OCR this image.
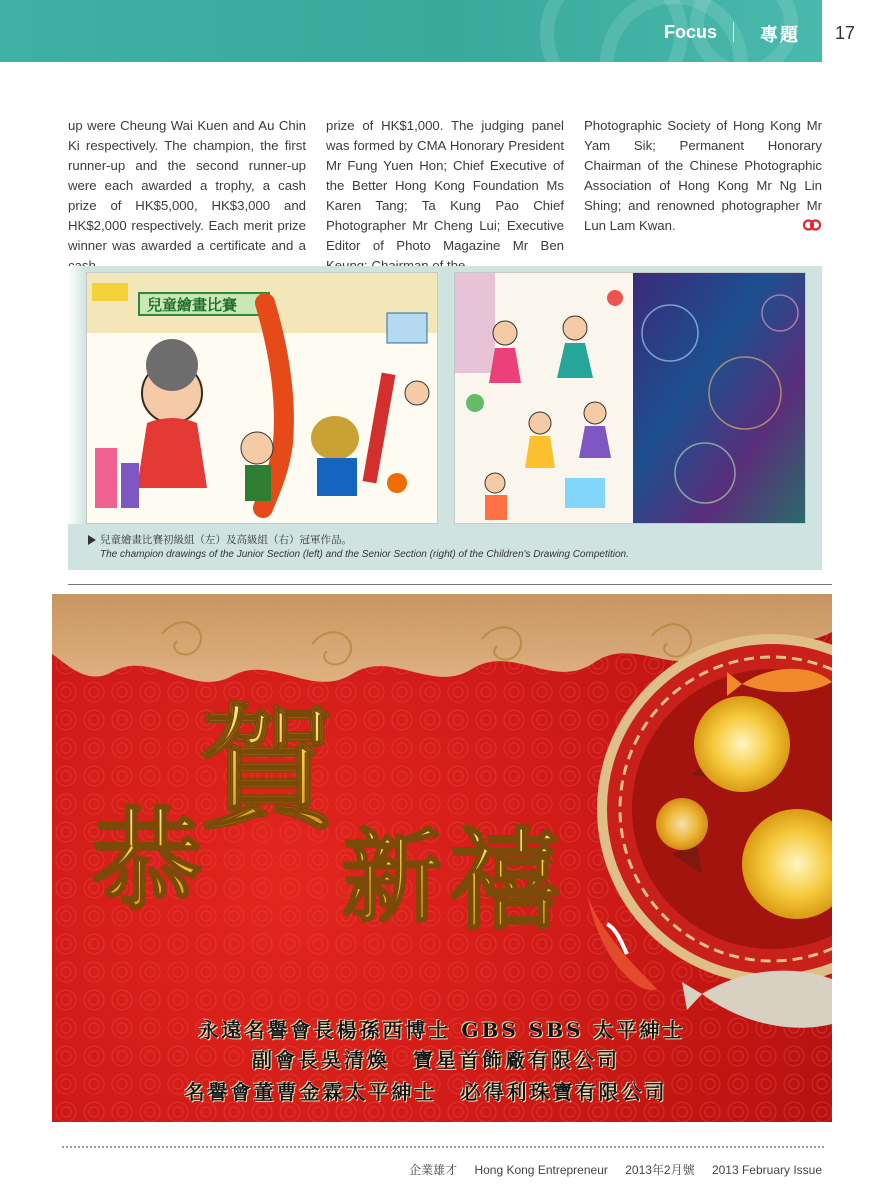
Focus 專題 17

up were Cheung Wai Kuen and Au Chin Ki respectively. The champion, the first runner-up and the second runner-up were each awarded a trophy, a cash prize of HK$5,000, HK$3,000 and HK$2,000 respectively. Each merit prize winner was awarded a certificate and a

prize of HK$1,000. The judging panel was formed by CMA Honorary President Mr Fung Yuen Hon; Chief Executive of the Better Hong Kong Foundation Ms Karen Tang; Ta Kung Pao Chief Photographer Mr Cheng Lui; Executive Editor of Photo Magazine Mr Ben

Photographic Society of Hong Kong Mr Yam Sik; Permanent Honorary Chairman of the Chinese Photographic Association of Hong Kong Mr Ng Lin Shing; and renowned photographer Mr Lun Lam Kwan.

兒童繪畫比賽
兒童繪畫比賽初級組（左）及高級組（右）冠軍作品。
The champion drawings of the Junior Section (left) and the Senior Section (right) of the Children's Drawing Competition.
恭
賀
新 禧
永遠名譽會長楊孫西博士 GBS SBS 太平紳士
副會長吳清煥　寶星首飾廠有限公司
名譽會董曹金霖太平紳士　必得利珠寶有限公司
企業雄才 Hong Kong Entrepreneur 2013年2月號 2013 February Issue
